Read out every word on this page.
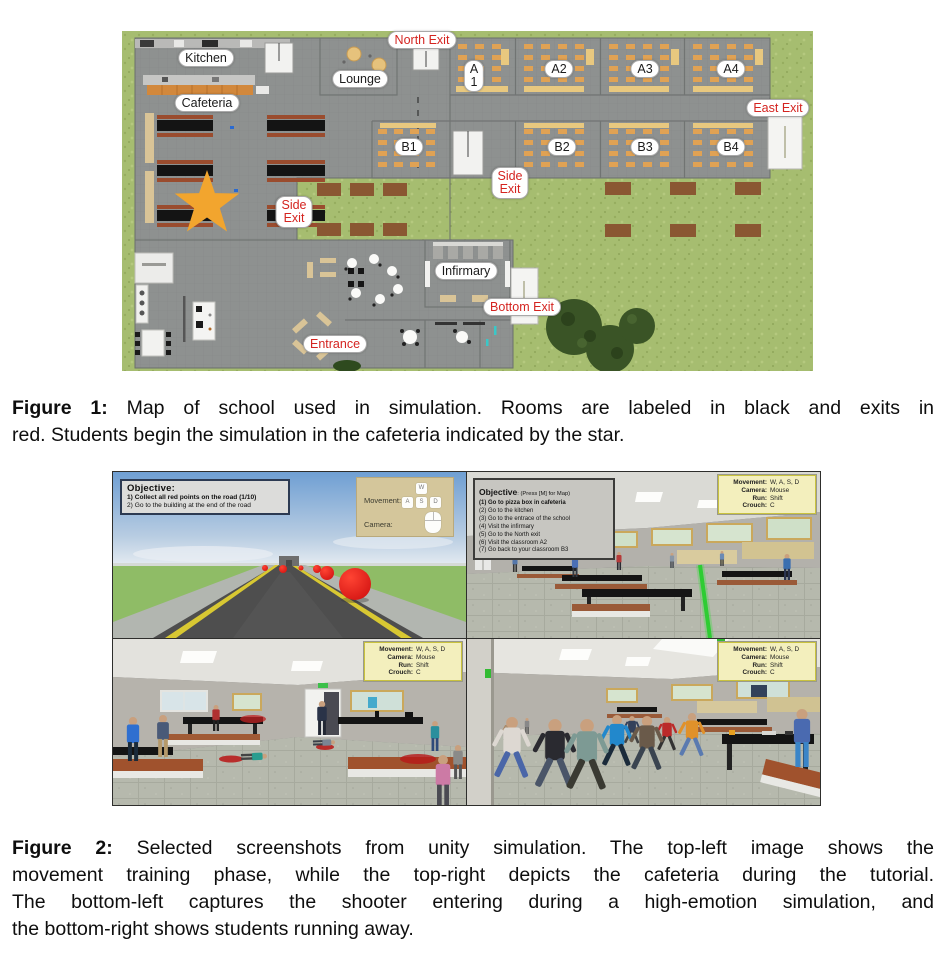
Kitchen
Cafeteria
Lounge
A
1
A2	A3	A4
B1	B2	B3	B4
Infirmary
North Exit
East Exit
Side
Exit
Side
Exit
Bottom Exit
Entrance
Figure 1: Map of school used in simulation. Rooms are labeled in black and exits in
red. Students begin the simulation in the cafeteria indicated by the star.
Objective:
1) Collect all red points on the road (1/10)
2) Go to the building at the end of the road
Movement:
Camera:
W
A	S	D
Objective: (Press [M] for Map)
(1) Go to pizza box in cafeteria
(2) Go to the kitchen
(3) Go to the entrace of the school
(4) Visit the infirmary
(5) Go to the North exit
(6) Visit the classroom A2
(7) Go back to your classroom B3
Movement: W, A, S, D
Camera: Mouse
Run: Shift
Crouch: C
Movement: W, A, S, D
Camera: Mouse
Run: Shift
Crouch: C
Movement: W, A, S, D
Camera: Mouse
Run: Shift
Crouch: C
Figure 2: Selected screenshots from unity simulation. The top-left image shows the
movement training phase, while the top-right depicts the cafeteria during the tutorial.
The bottom-left captures the shooter entering during a high-emotion simulation, and
the bottom-right shows students running away.
